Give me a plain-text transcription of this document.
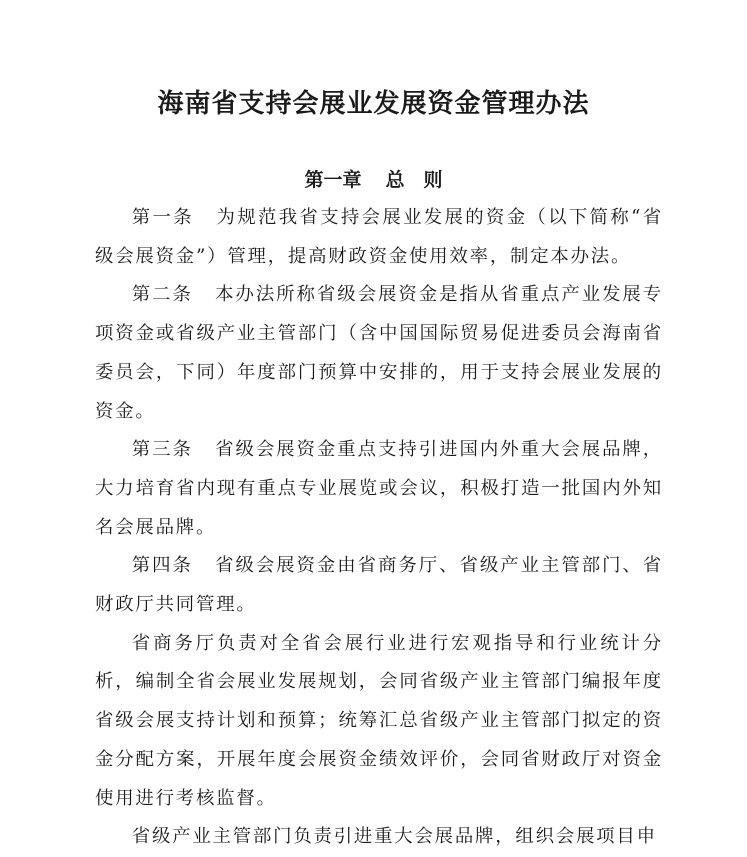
海南省支持会展业发展资金管理办法
第一章 总　则

第一条 为规范我省支持会展业发展的资金（以下简称“省级会展资金”）管理，提高财政资金使用效率，制定本办法。

第二条 本办法所称省级会展资金是指从省重点产业发展专项资金或省级产业主管部门（含中国国际贸易促进委员会海南省委员会，下同）年度部门预算中安排的，用于支持会展业发展的资金。

第三条 省级会展资金重点支持引进国内外重大会展品牌，大力培育省内现有重点专业展览或会议，积极打造一批国内外知名会展品牌。

第四条 省级会展资金由省商务厅、省级产业主管部门、省财政厅共同管理。

省商务厅负责对全省会展行业进行宏观指导和行业统计分析，编制全省会展业发展规划，会同省级产业主管部门编报年度省级会展支持计划和预算；统筹汇总省级产业主管部门拟定的资金分配方案，开展年度会展资金绩效评价，会同省财政厅对资金使用进行考核监督。

省级产业主管部门负责引进重大会展品牌，组织会展项目申
